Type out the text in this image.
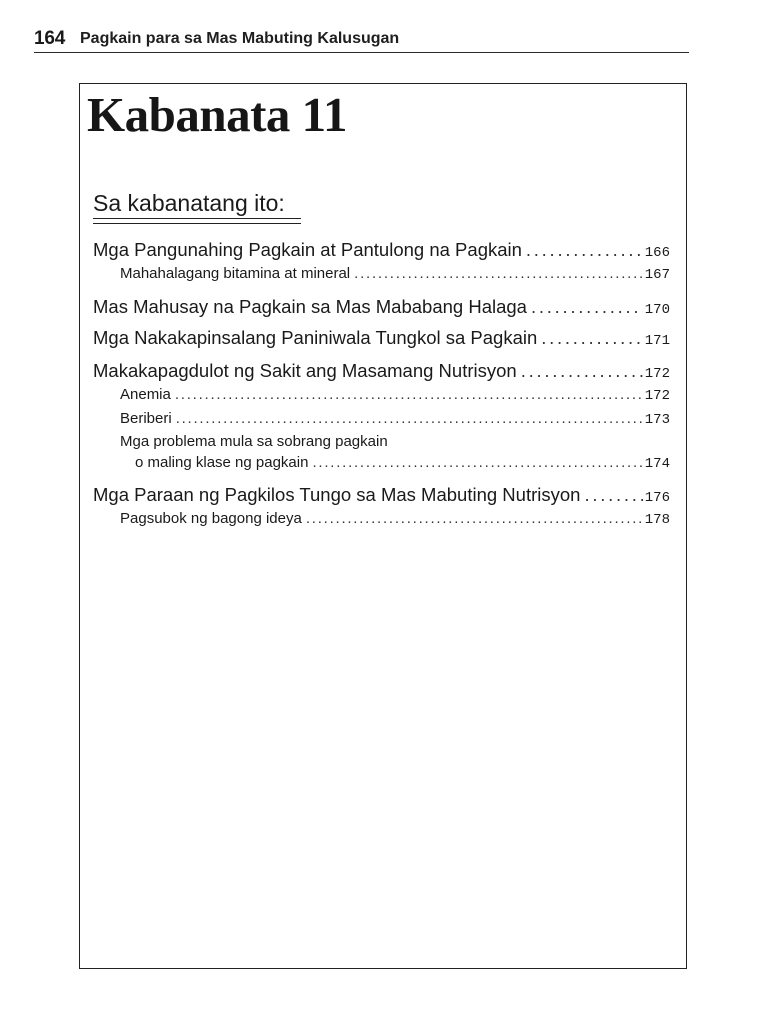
164 Pagkain para sa Mas Mabuting Kalusugan
Kabanata 11
Sa kabanatang ito:
Mga Pangunahing Pagkain at Pantulong na Pagkain . . .	166
Mahahalagang bitamina at mineral . . .	167
Mas Mahusay na Pagkain sa Mas Mababang Halaga . . .	170
Mga Nakakapinsalang Paniniwala Tungkol sa Pagkain . . .	171
Makakapagdulot ng Sakit ang Masamang Nutrisyon . . .	172
Anemia . . .	172
Beriberi . . .	173
Mga problema mula sa sobrang pagkain
o maling klase ng pagkain . . .	174
Mga Paraan ng Pagkilos Tungo sa Mas Mabuting Nutrisyon . . .	176
Pagsubok ng bagong ideya . . .	178
